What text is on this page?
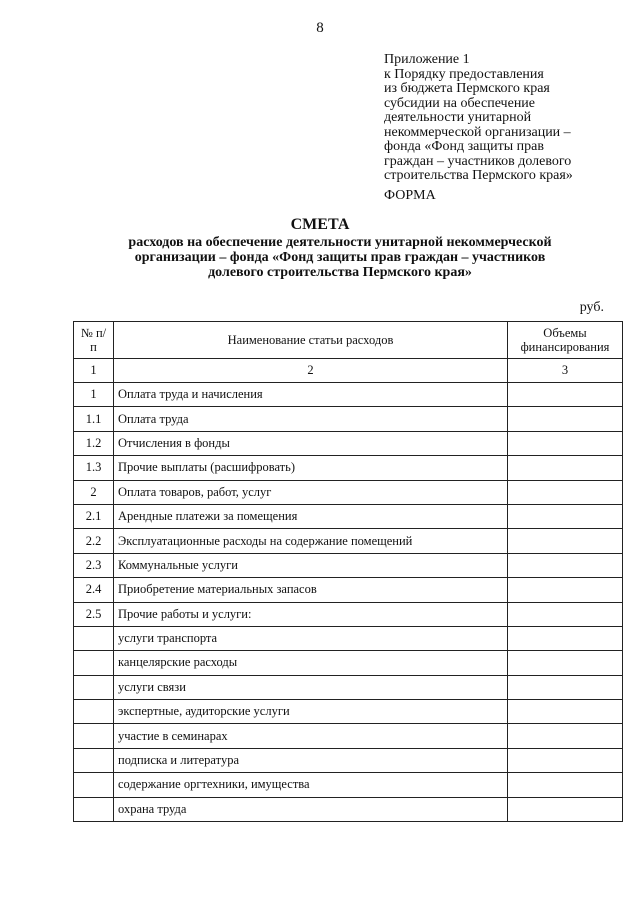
8
Приложение 1
к Порядку предоставления
из бюджета Пермского края
субсидии на обеспечение
деятельности унитарной
некоммерческой организации –
фонда «Фонд защиты прав
граждан – участников долевого
строительства Пермского края»
ФОРМА
СМЕТА
расходов на обеспечение деятельности унитарной некоммерческой
организации – фонда «Фонд защиты прав граждан – участников
долевого строительства Пермского края»
руб.
№ п/п	Наименование статьи расходов	Объемы финансирования
1	2	3
1	Оплата труда и начисления	
1.1	Оплата труда	
1.2	Отчисления в фонды	
1.3	Прочие выплаты (расшифровать)	
2	Оплата товаров, работ, услуг	
2.1	Арендные платежи за помещения	
2.2	Эксплуатационные расходы на содержание помещений	
2.3	Коммунальные услуги	
2.4	Приобретение материальных запасов	
2.5	Прочие работы и услуги:	
	услуги транспорта	
	канцелярские расходы	
	услуги связи	
	экспертные, аудиторские услуги	
	участие в семинарах	
	подписка и литература	
	содержание оргтехники, имущества	
	охрана труда	
